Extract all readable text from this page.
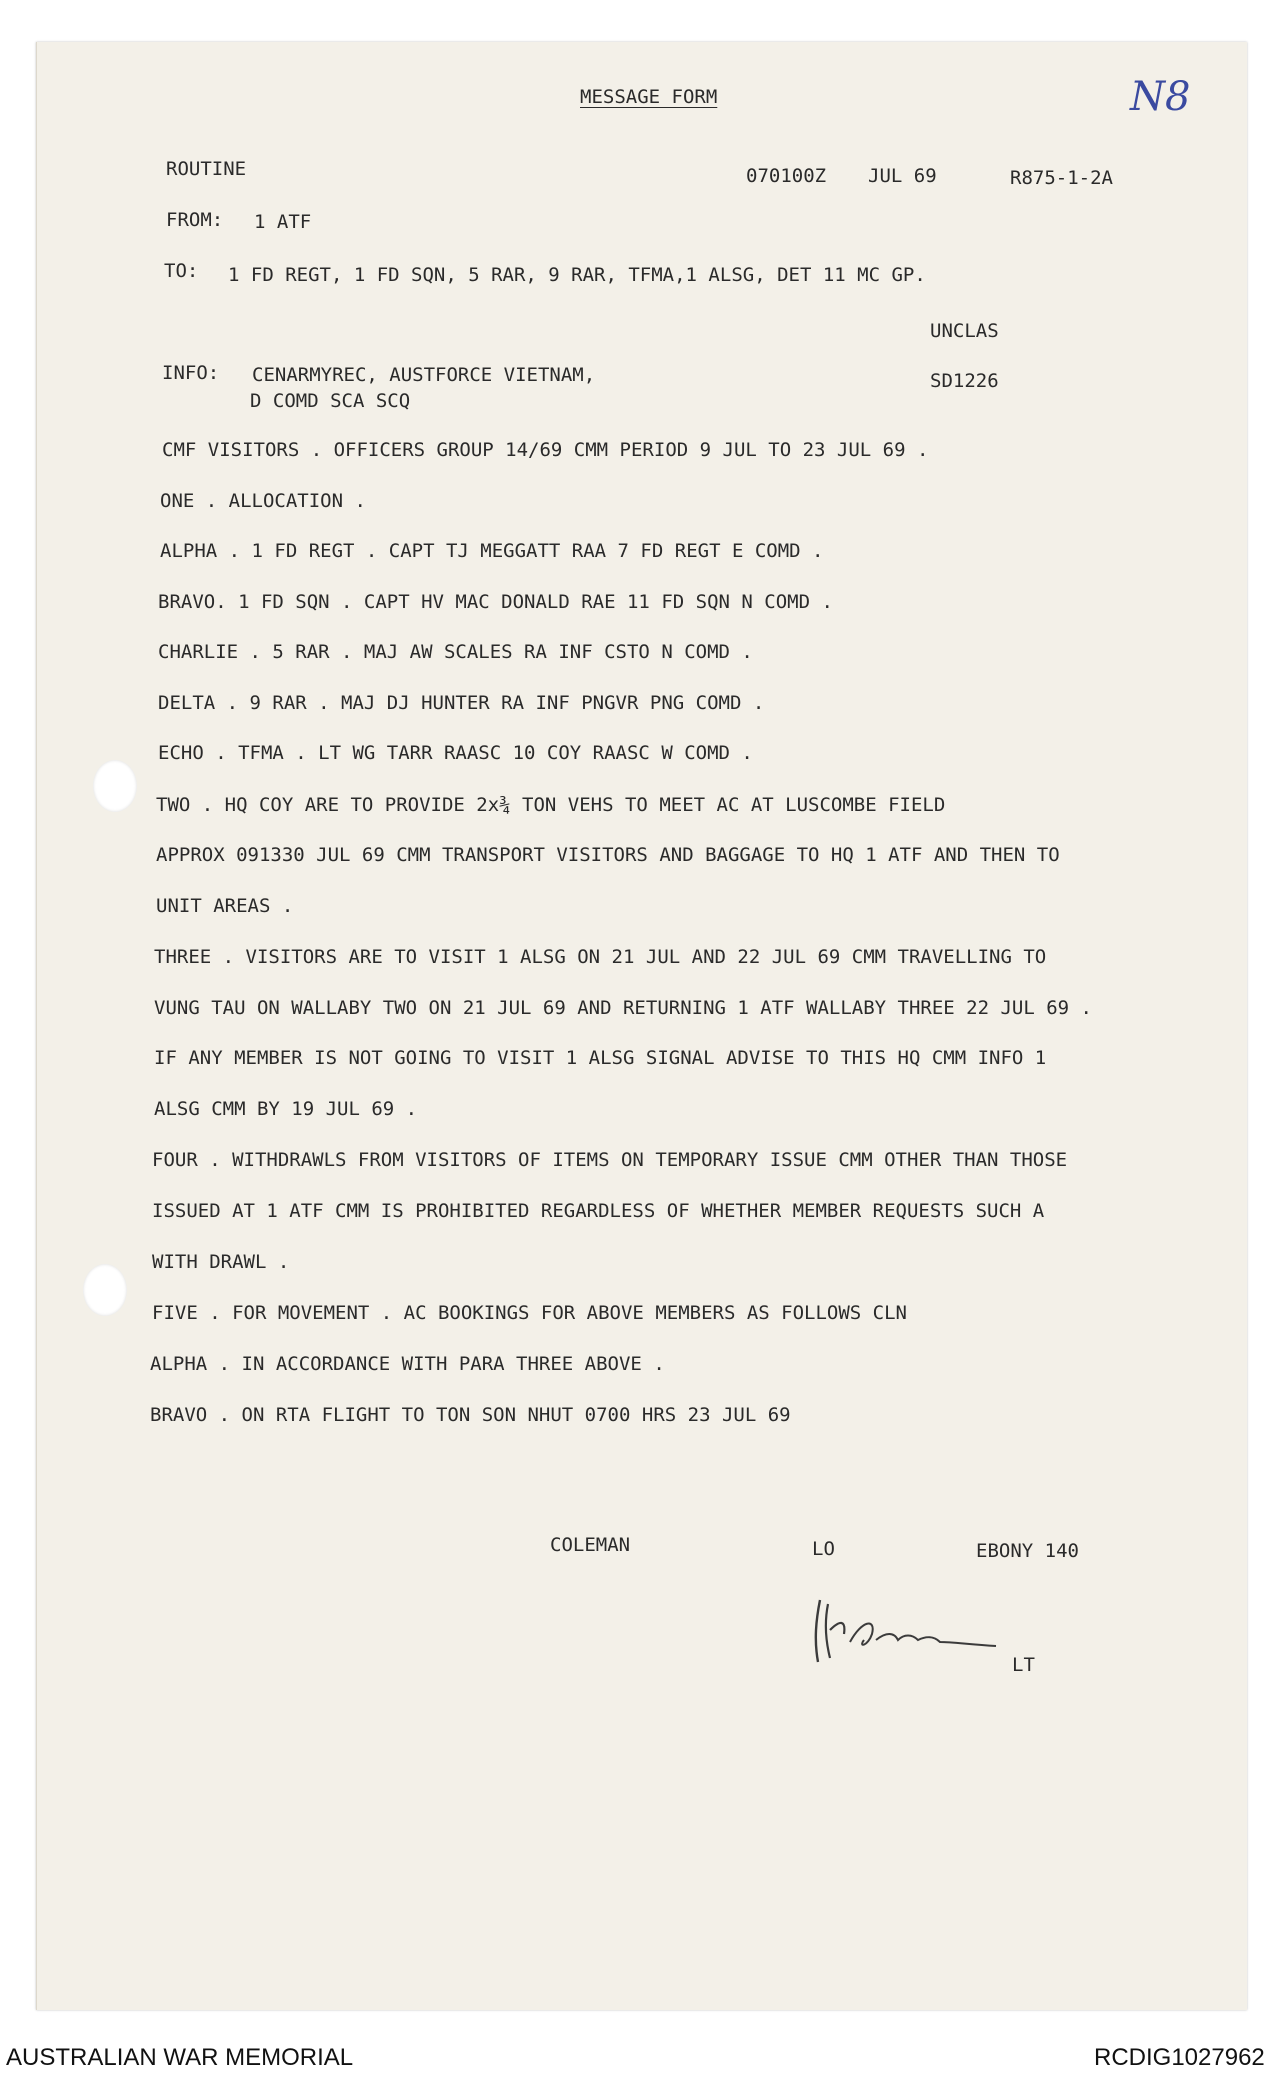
MESSAGE FORM	N8
ROUTINE	070100Z JUL 69	R875-1-2A
FROM: 1 ATF
TO: 1 FD REGT, 1 FD SQN, 5 RAR, 9 RAR, TFMA,1 ALSG, DET 11 MC GP.
UNCLAS
INFO: CENARMYREC, AUSTFORCE VIETNAM,
D COMD SCA SCQ
SD1226
CMF VISITORS . OFFICERS GROUP 14/69 CMM PERIOD 9 JUL TO 23 JUL 69 .
ONE . ALLOCATION .
ALPHA . 1 FD REGT . CAPT TJ MEGGATT RAA 7 FD REGT E COMD .
BRAVO. 1 FD SQN . CAPT HV MAC DONALD RAE 11 FD SQN N COMD .
CHARLIE . 5 RAR . MAJ AW SCALES RA INF CSTO N COMD .
DELTA . 9 RAR . MAJ DJ HUNTER RA INF PNGVR PNG COMD .
ECHO . TFMA . LT WG TARR RAASC 10 COY RAASC W COMD .
TWO . HQ COY ARE TO PROVIDE 2x¾ TON VEHS TO MEET AC AT LUSCOMBE FIELD
APPROX 091330 JUL 69 CMM TRANSPORT VISITORS AND BAGGAGE TO HQ 1 ATF AND THEN TO
UNIT AREAS .
THREE . VISITORS ARE TO VISIT 1 ALSG ON 21 JUL AND 22 JUL 69 CMM TRAVELLING TO
VUNG TAU ON WALLABY TWO ON 21 JUL 69 AND RETURNING 1 ATF WALLABY THREE 22 JUL 69 .
IF ANY MEMBER IS NOT GOING TO VISIT 1 ALSG SIGNAL ADVISE TO THIS HQ CMM INFO 1
ALSG CMM BY 19 JUL 69 .
FOUR . WITHDRAWLS FROM VISITORS OF ITEMS ON TEMPORARY ISSUE CMM OTHER THAN THOSE
ISSUED AT 1 ATF CMM IS PROHIBITED REGARDLESS OF WHETHER MEMBER REQUESTS SUCH A
WITH DRAWL .
FIVE . FOR MOVEMENT . AC BOOKINGS FOR ABOVE MEMBERS AS FOLLOWS CLN
ALPHA . IN ACCORDANCE WITH PARA THREE ABOVE .
BRAVO . ON RTA FLIGHT TO TON SON NHUT 0700 HRS 23 JUL 69
COLEMAN	LO	EBONY 140
LT
AUSTRALIAN WAR MEMORIAL	RCDIG1027962
